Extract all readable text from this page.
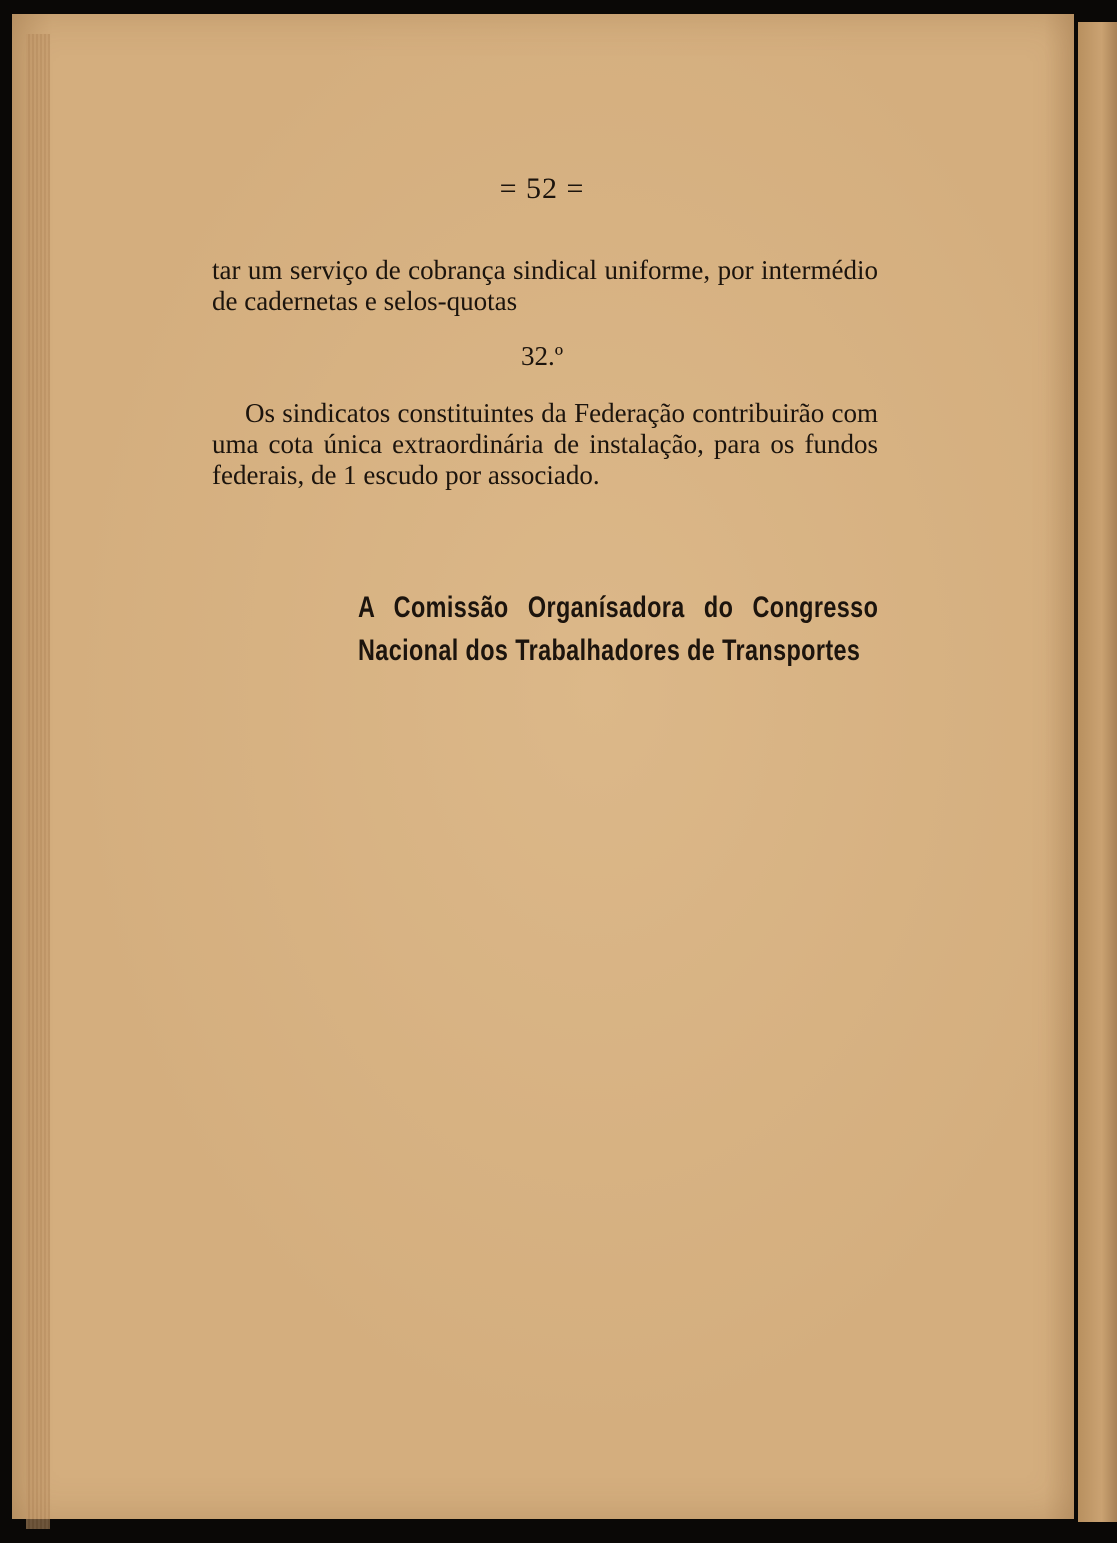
= 52 =

tar um serviço de cobrança sindical uniforme, por intermédio de cadernetas e selos-quotas

32.º

Os sindicatos constituintes da Federação contribuirão com uma cota única extraordinária de instalação, para os fundos federais, de 1 escudo por associado.

A Comissão Organísadora do Congresso Nacional dos Trabalhadores de Transportes
